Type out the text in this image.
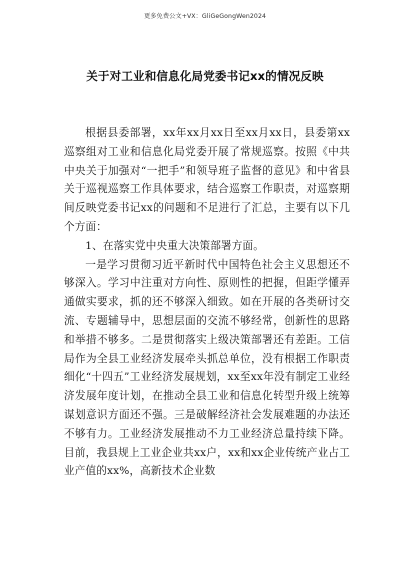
更多免费公文+VX：GliGeGongWen2024
关于对工业和信息化局党委书记xx的情况反映

根据县委部署，xx年xx月xx日至xx月xx日，县委第xx巡察组对工业和信息化局党委开展了常规巡察。按照《中共中央关于加强对“一把手”和领导班子监督的意见》和中省县关于巡视巡察工作具体要求，结合巡察工作职责，对巡察期间反映党委书记xx的问题和不足进行了汇总，主要有以下几个方面：

1、在落实党中央重大决策部署方面。

一是学习贯彻习近平新时代中国特色社会主义思想还不够深入。学习中注重对方向性、原则性的把握，但距学懂弄通做实要求，抓的还不够深入细致。如在开展的各类研讨交流、专题辅导中，思想层面的交流不够经常，创新性的思路和举措不够多。二是贯彻落实上级决策部署还有差距。工信局作为全县工业经济发展牵头抓总单位，没有根据工作职责细化“十四五”工业经济发展规划，xx至xx年没有制定工业经济发展年度计划，在推动全县工业和信息化转型升级上统筹谋划意识方面还不强。三是破解经济社会发展难题的办法还不够有力。工业经济发展推动不力工业经济总量持续下降。目前，我县规上工业企业共xx户，xx和xx企业传统产业占工业产值的xx%，高新技术企业数
